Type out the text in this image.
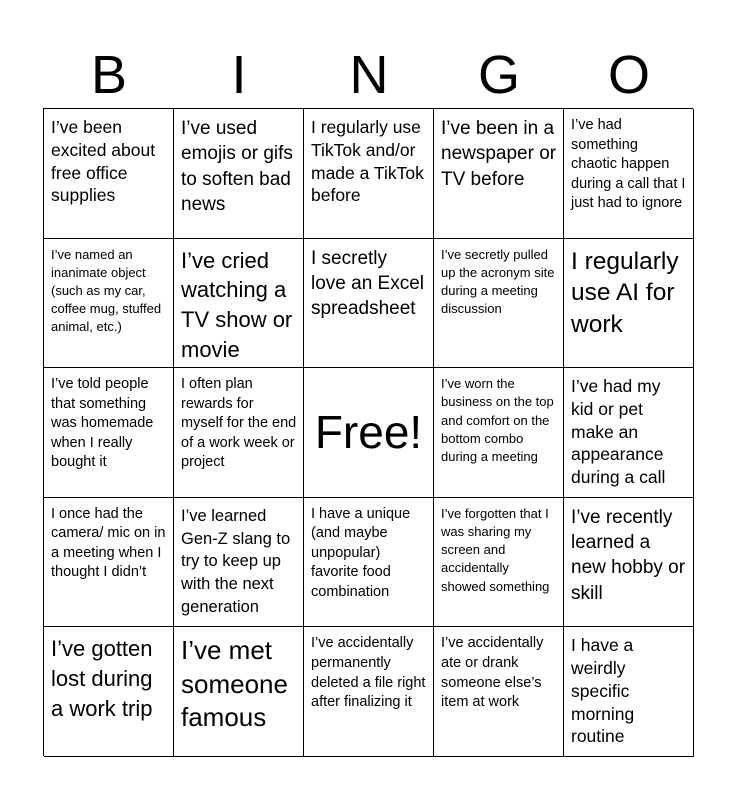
B	I	N	G	O
I’ve been excited about free office supplies
I’ve used emojis or gifs to soften bad news
I regularly use TikTok and/or made a TikTok before
I’ve been in a newspaper or TV before
I’ve had something chaotic happen during a call that I just had to ignore
I’ve named an inanimate object (such as my car, coffee mug, stuffed animal, etc.)
I’ve cried watching a TV show or movie
I secretly love an Excel spreadsheet
I’ve secretly pulled up the acronym site during a meeting discussion
I regularly use AI for work
I’ve told people that something was homemade when I really bought it
I often plan rewards for myself for the end of a work week or project
Free!
I’ve worn the business on the top and comfort on the bottom combo during a meeting
I’ve had my kid or pet make an appearance during a call
I once had the camera/ mic on in a meeting when I thought I didn’t
I’ve learned Gen-Z slang to try to keep up with the next generation
I have a unique (and maybe unpopular) favorite food combination
I’ve forgotten that I was sharing my screen and accidentally showed something
I’ve recently learned a new hobby or skill
I’ve gotten lost during a work trip
I’ve met someone famous
I’ve accidentally permanently deleted a file right after finalizing it
I’ve accidentally ate or drank someone else’s item at work
I have a weirdly specific morning routine
